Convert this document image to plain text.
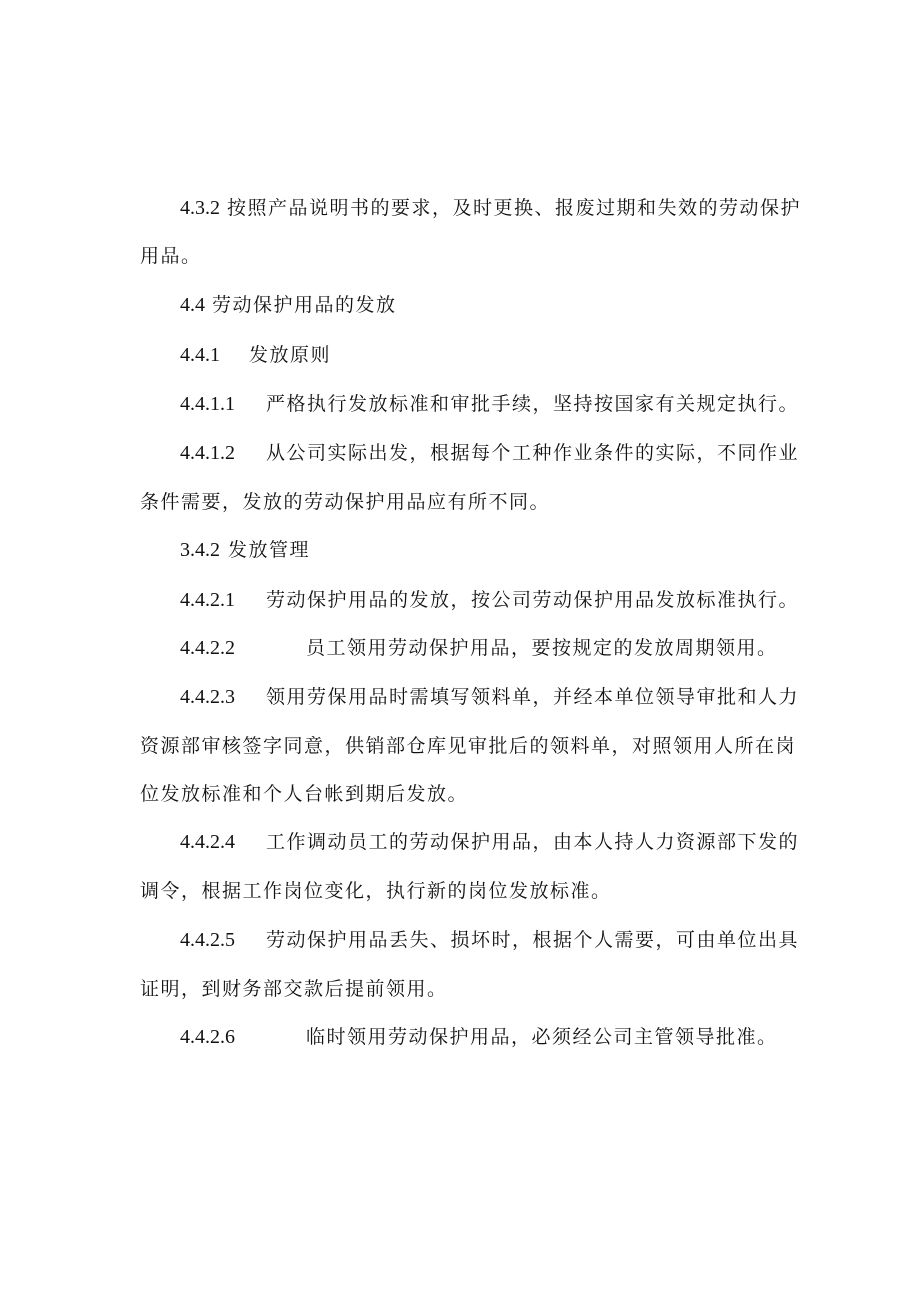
4.3.2 按照产品说明书的要求，及时更换、报废过期和失效的劳动保护
用品。
4.4 劳动保护用品的发放
4.4.1 发放原则
4.4.1.1 严格执行发放标准和审批手续，坚持按国家有关规定执行。
4.4.1.2 从公司实际出发，根据每个工种作业条件的实际，不同作业
条件需要，发放的劳动保护用品应有所不同。
3.4.2 发放管理
4.4.2.1 劳动保护用品的发放，按公司劳动保护用品发放标准执行。
4.4.2.2	员工领用劳动保护用品，要按规定的发放周期领用。
4.4.2.3 领用劳保用品时需填写领料单，并经本单位领导审批和人力
资源部审核签字同意，供销部仓库见审批后的领料单，对照领用人所在岗
位发放标准和个人台帐到期后发放。
4.4.2.4 工作调动员工的劳动保护用品，由本人持人力资源部下发的
调令，根据工作岗位变化，执行新的岗位发放标准。
4.4.2.5 劳动保护用品丢失、损坏时，根据个人需要，可由单位出具
证明，到财务部交款后提前领用。
4.4.2.6	临时领用劳动保护用品，必须经公司主管领导批准。
